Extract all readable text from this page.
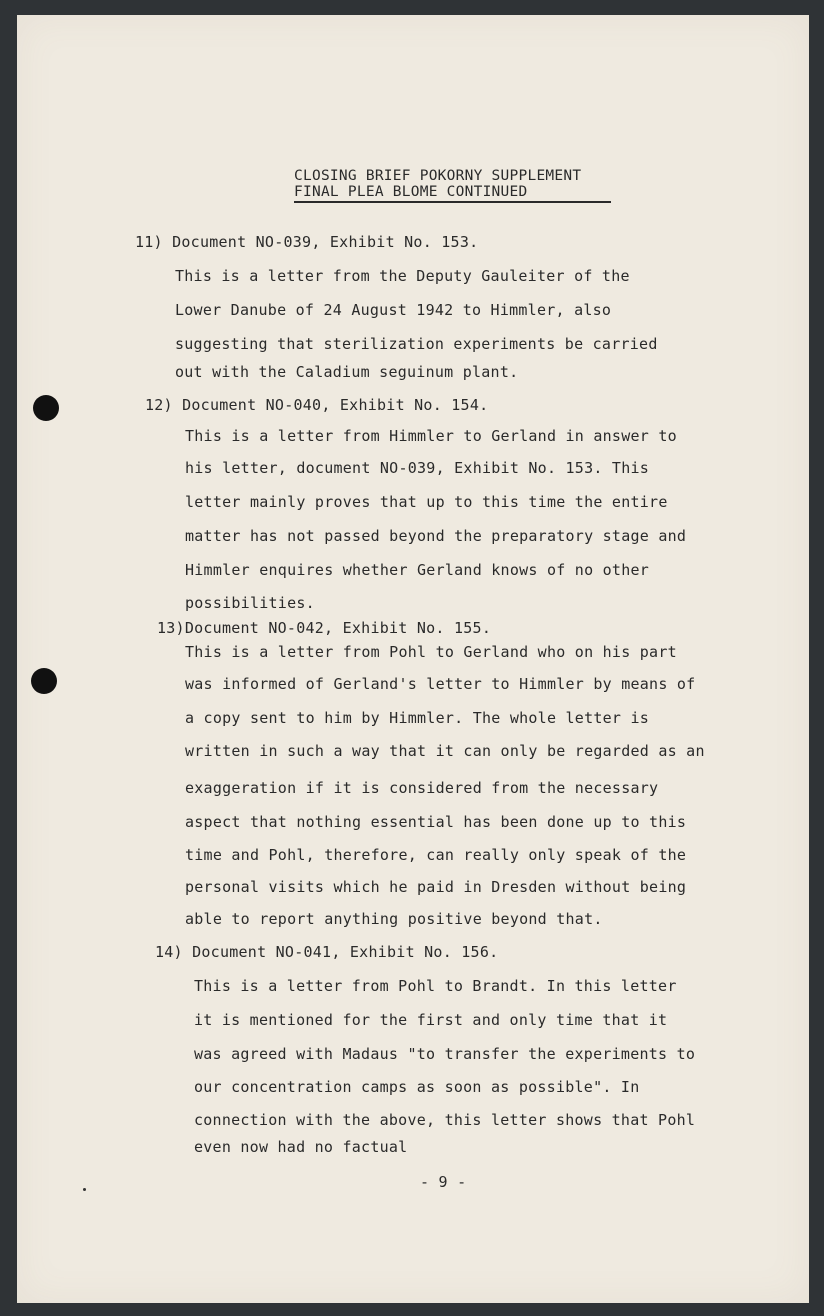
CLOSING BRIEF POKORNY SUPPLEMENT

FINAL PLEA BLOME CONTINUED

11) Document NO-039, Exhibit No. 153.

This is a letter from the Deputy Gauleiter of the

Lower Danube of 24 August 1942 to Himmler, also

suggesting that sterilization experiments be carried

out with the Caladium seguinum plant.

12) Document NO-040, Exhibit No. 154.

This is a letter from Himmler to Gerland in answer to

his letter, document NO-039, Exhibit No. 153. This

letter mainly proves that up to this time the entire

matter has not passed beyond the preparatory stage and

Himmler enquires whether Gerland knows of no other

possibilities.

13)Document NO-042, Exhibit No. 155.

This is a letter from Pohl to Gerland who on his part

was informed of Gerland's letter to Himmler by means of

a copy sent to him by Himmler. The whole letter is

written in such a way that it can only be regarded as an

exaggeration if it is considered from the necessary

aspect that nothing essential has been done up to this

time and Pohl, therefore, can really only speak of the

personal visits which he paid in Dresden without being

able to report anything positive beyond that.

14) Document NO-041, Exhibit No. 156.

This is a letter from Pohl to Brandt. In this letter

it is mentioned for the first and only time that it

was agreed with Madaus "to transfer the experiments to

our concentration camps as soon as possible". In

connection with the above, this letter shows that Pohl

even now had no factual

- 9 -
